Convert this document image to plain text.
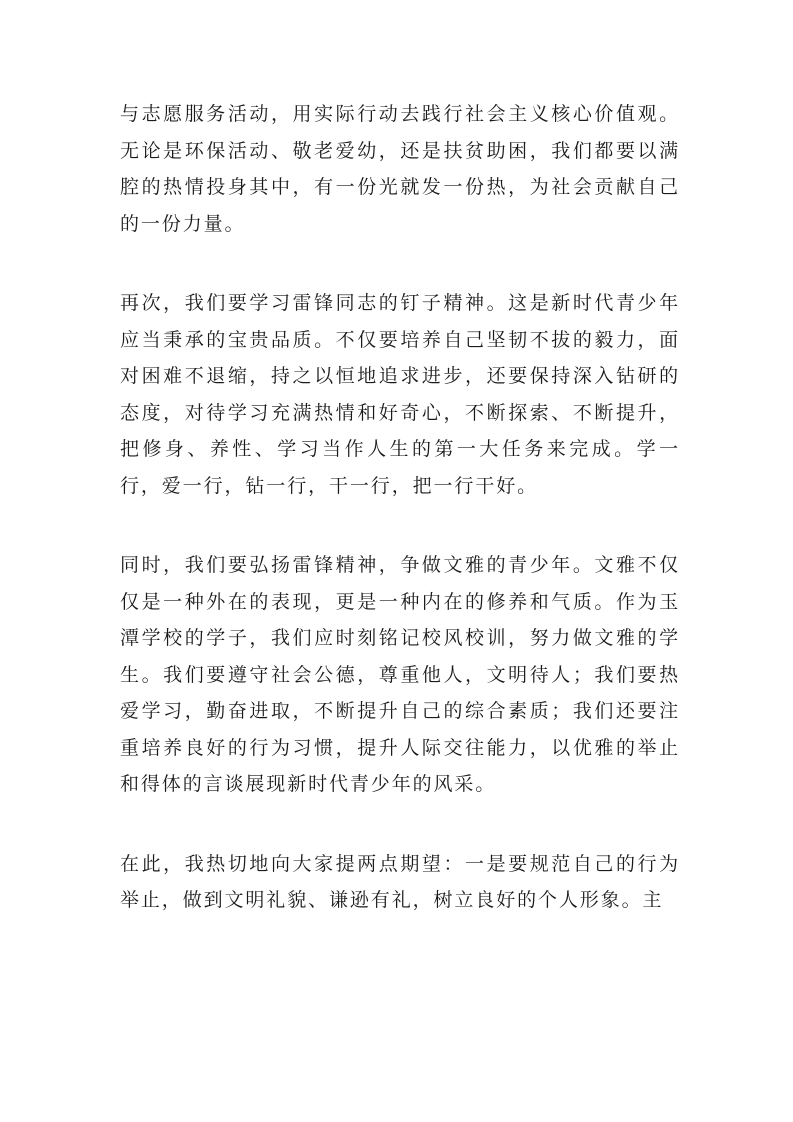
与志愿服务活动，用实际行动去践行社会主义核心价值观。无论是环保活动、敬老爱幼，还是扶贫助困，我们都要以满腔的热情投身其中，有一份光就发一份热，为社会贡献自己的一份力量。

再次，我们要学习雷锋同志的钉子精神。这是新时代青少年应当秉承的宝贵品质。不仅要培养自己坚韧不拔的毅力，面对困难不退缩，持之以恒地追求进步，还要保持深入钻研的态度，对待学习充满热情和好奇心，不断探索、不断提升，把修身、养性、学习当作人生的第一大任务来完成。学一行，爱一行，钻一行，干一行，把一行干好。

同时，我们要弘扬雷锋精神，争做文雅的青少年。文雅不仅仅是一种外在的表现，更是一种内在的修养和气质。作为玉潭学校的学子，我们应时刻铭记校风校训，努力做文雅的学生。我们要遵守社会公德，尊重他人，文明待人；我们要热爱学习，勤奋进取，不断提升自己的综合素质；我们还要注重培养良好的行为习惯，提升人际交往能力，以优雅的举止和得体的言谈展现新时代青少年的风采。

在此，我热切地向大家提两点期望：一是要规范自己的行为举止，做到文明礼貌、谦逊有礼，树立良好的个人形象。主
